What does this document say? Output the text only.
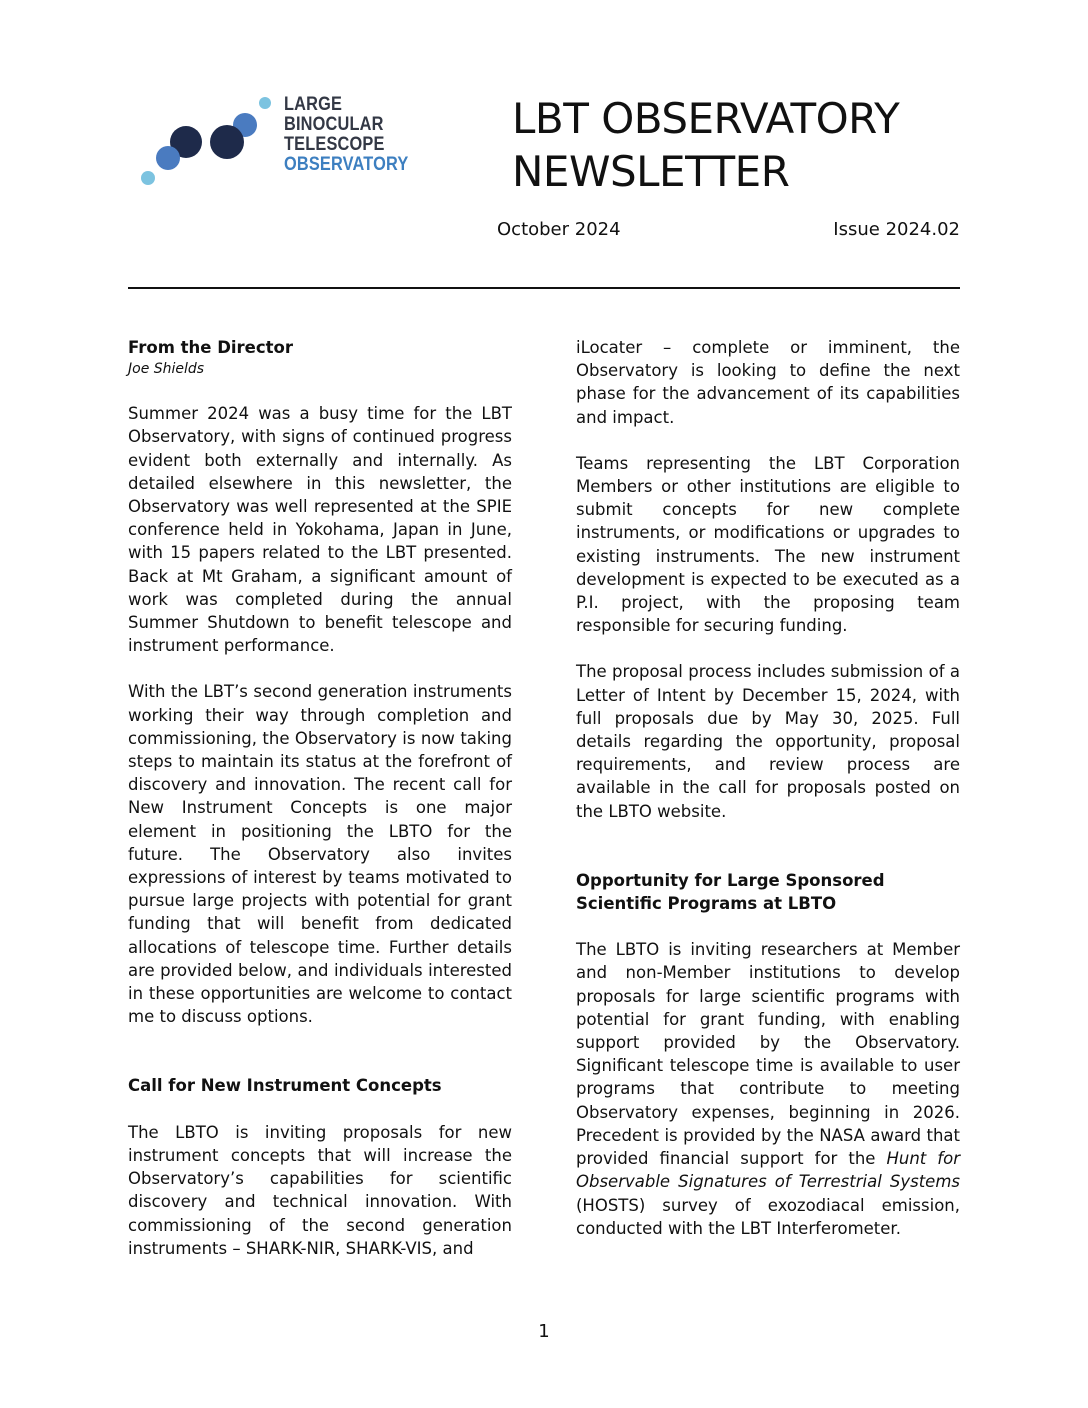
LARGE
BINOCULAR
TELESCOPE
OBSERVATORY
LBT OBSERVATORY
NEWSLETTER
October 2024	Issue 2024.02
From the Director
Joe Shields

Summer 2024 was a busy time for the LBT Observatory, with signs of continued progress evident both externally and internally. As detailed elsewhere in this newsletter, the Observatory was well represented at the SPIE conference held in Yokohama, Japan in June, with 15 papers related to the LBT presented. Back at Mt Graham, a significant amount of work was completed during the annual Summer Shutdown to benefit telescope and instrument performance.

With the LBT’s second generation instruments working their way through completion and commissioning, the Observatory is now taking steps to maintain its status at the forefront of discovery and innovation. The recent call for New Instrument Concepts is one major element in positioning the LBTO for the future. The Observatory also invites expressions of interest by teams motivated to pursue large projects with potential for grant funding that will benefit from dedicated allocations of telescope time. Further details are provided below, and individuals interested in these opportunities are welcome to contact me to discuss options.

Call for New Instrument Concepts

The LBTO is inviting proposals for new instrument concepts that will increase the Observatory’s capabilities for scientific discovery and technical innovation. With commissioning of the second generation instruments – SHARK-NIR, SHARK-VIS, and

iLocater – complete or imminent, the Observatory is looking to define the next phase for the advancement of its capabilities and impact.

Teams representing the LBT Corporation Members or other institutions are eligible to submit concepts for new complete instruments, or modifications or upgrades to existing instruments. The new instrument development is expected to be executed as a P.I. project, with the proposing team responsible for securing funding.

The proposal process includes submission of a Letter of Intent by December 15, 2024, with full proposals due by May 30, 2025. Full details regarding the opportunity, proposal requirements, and review process are available in the call for proposals posted on the LBTO website.

Opportunity for Large Sponsored Scientific Programs at LBTO

The LBTO is inviting researchers at Member and non-Member institutions to develop proposals for large scientific programs with potential for grant funding, with enabling support provided by the Observatory. Significant telescope time is available to user programs that contribute to meeting Observatory expenses, beginning in 2026. Precedent is provided by the NASA award that provided financial support for the Hunt for Observable Signatures of Terrestrial Systems (HOSTS) survey of exozodiacal emission, conducted with the LBT Interferometer.

1
